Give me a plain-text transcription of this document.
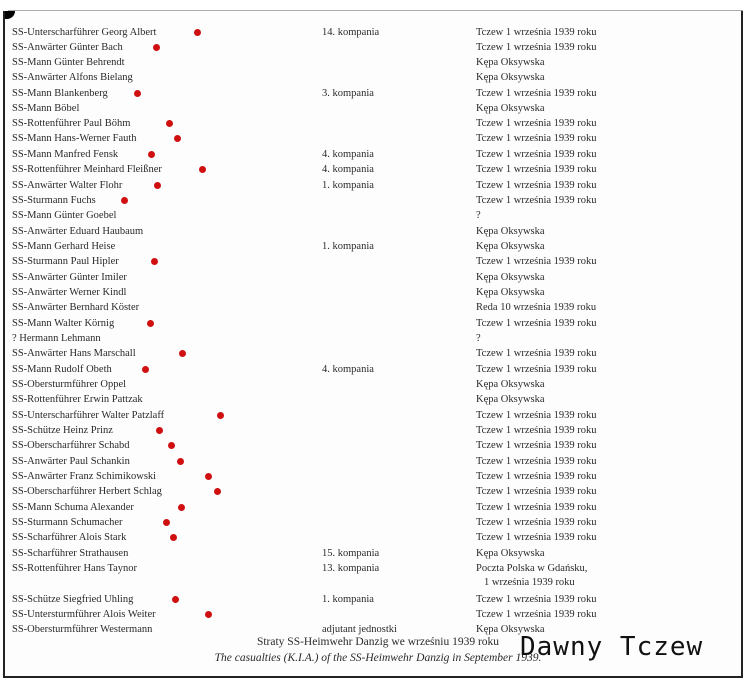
SS-Unterscharführer Georg Albert	14. kompania	Tczew 1 września 1939 roku
SS-Anwärter Günter Bach	Tczew 1 września 1939 roku
SS-Mann Günter Behrendt	Kępa Oksywska
SS-Anwärter Alfons Bielang	Kępa Oksywska
SS-Mann Blankenberg	3. kompania	Tczew 1 września 1939 roku
SS-Mann Böbel	Kępa Oksywska
SS-Rottenführer Paul Böhm	Tczew 1 września 1939 roku
SS-Mann Hans-Werner Fauth	Tczew 1 września 1939 roku
SS-Mann Manfred Fensk	4. kompania	Tczew 1 września 1939 roku
SS-Rottenführer Meinhard Fleißner	4. kompania	Tczew 1 września 1939 roku
SS-Anwärter Walter Flohr	1. kompania	Tczew 1 września 1939 roku
SS-Sturmann Fuchs	Tczew 1 września 1939 roku
SS-Mann Günter Goebel	?
SS-Anwärter Eduard Haubaum	Kępa Oksywska
SS-Mann Gerhard Heise	1. kompania	Kępa Oksywska
SS-Sturmann Paul Hipler	Tczew 1 września 1939 roku
SS-Anwärter Günter Imiler	Kępa Oksywska
SS-Anwärter Werner Kindl	Kępa Oksywska
SS-Anwärter Bernhard Köster	Reda 10 września 1939 roku
SS-Mann Walter Körnig	Tczew 1 września 1939 roku
? Hermann Lehmann	?
SS-Anwärter Hans Marschall	Tczew 1 września 1939 roku
SS-Mann Rudolf Obeth	4. kompania	Tczew 1 września 1939 roku
SS-Obersturmführer Oppel	Kępa Oksywska
SS-Rottenführer Erwin Pattzak	Kępa Oksywska
SS-Unterscharführer Walter Patzlaff	Tczew 1 września 1939 roku
SS-Schütze Heinz Prinz	Tczew 1 września 1939 roku
SS-Oberscharführer Schabd	Tczew 1 września 1939 roku
SS-Anwärter Paul Schankin	Tczew 1 września 1939 roku
SS-Anwärter Franz Schimikowski	Tczew 1 września 1939 roku
SS-Oberscharführer Herbert Schlag	Tczew 1 września 1939 roku
SS-Mann Schuma Alexander	Tczew 1 września 1939 roku
SS-Sturmann Schumacher	Tczew 1 września 1939 roku
SS-Scharführer Alois Stark	Tczew 1 września 1939 roku
SS-Scharführer Strathausen	15. kompania	Kępa Oksywska
SS-Rottenführer Hans Taynor	13. kompania	Poczta Polska w Gdańsku,
1 września 1939 roku
SS-Schütze Siegfried Uhling	1. kompania	Tczew 1 września 1939 roku
SS-Untersturmführer Alois Weiter	Tczew 1 września 1939 roku
SS-Obersturmführer Westermann	adjutant jednostki	Kępa Oksywska
Straty SS-Heimwehr Danzig we wrześniu 1939 roku
The casualties (K.I.A.) of the SS-Heimwehr Danzig in September 1939.
Dawny Tczew
